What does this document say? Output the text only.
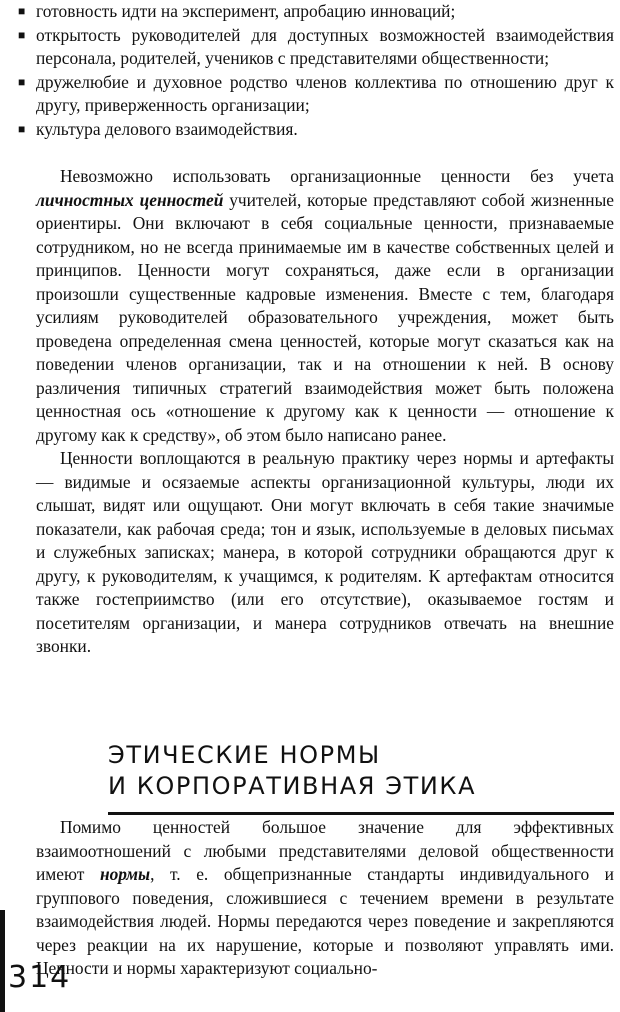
■ готовность идти на эксперимент, апробацию инноваций;
■ открытость руководителей для доступных возможностей взаимодействия персонала, родителей, учеников с представителями общественности;
■ дружелюбие и духовное родство членов коллектива по отношению друг к другу, приверженность организации;
■ культура делового взаимодействия.

Невозможно использовать организационные ценности без учета личностных ценностей учителей, которые представляют собой жизненные ориентиры. Они включают в себя социальные ценности, признаваемые сотрудником, но не всегда принимаемые им в качестве собственных целей и принципов. Ценности могут сохраняться, даже если в организации произошли существенные кадровые изменения. Вместе с тем, благодаря усилиям руководителей образовательного учреждения, может быть проведена определенная смена ценностей, которые могут сказаться как на поведении членов организации, так и на отношении к ней. В основу различения типичных стратегий взаимодействия может быть положена ценностная ось «отношение к другому как к ценности — отношение к другому как к средству», об этом было написано ранее.

Ценности воплощаются в реальную практику через нормы и артефакты — видимые и осязаемые аспекты организационной культуры, люди их слышат, видят или ощущают. Они могут включать в себя такие значимые показатели, как рабочая среда; тон и язык, используемые в деловых письмах и служебных записках; манера, в которой сотрудники обращаются друг к другу, к руководителям, к учащимся, к родителям. К артефактам относится также гостеприимство (или его отсутствие), оказываемое гостям и посетителям организации, и манера сотрудников отвечать на внешние звонки.

ЭТИЧЕСКИЕ НОРМЫ
И КОРПОРАТИВНАЯ ЭТИКА

Помимо ценностей большое значение для эффективных взаимоотношений с любыми представителями деловой общественности имеют нормы, т. е. общепризнанные стандарты индивидуального и группового поведения, сложившиеся с течением времени в результате взаимодействия людей. Нормы передаются через поведение и закрепляются через реакции на их нарушение, которые и позволяют управлять ими. Ценности и нормы характеризуют социально-

314
